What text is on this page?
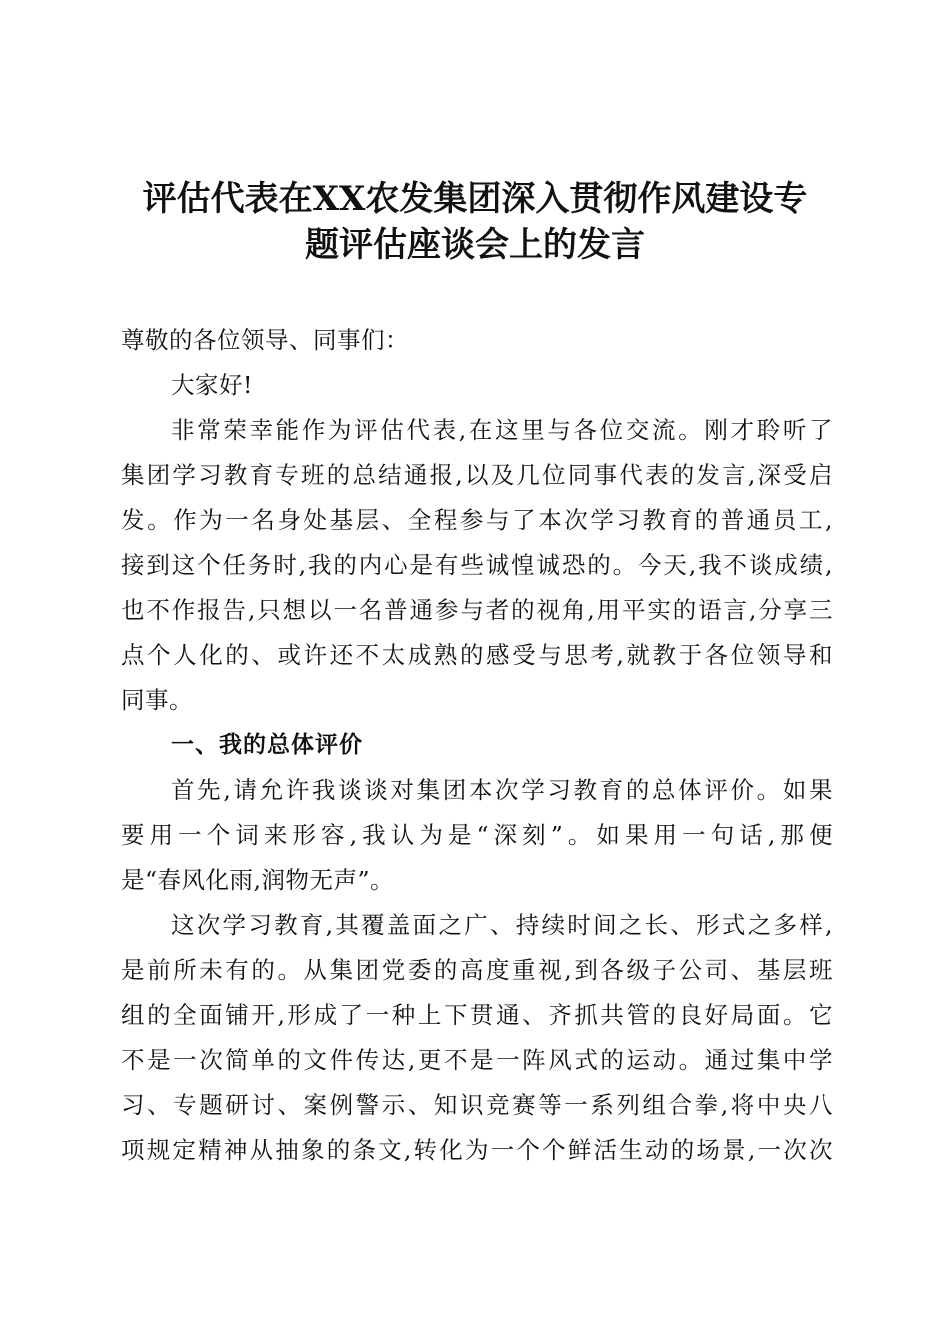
评估代表在XX农发集团深入贯彻作风建设专
题评估座谈会上的发言

尊敬的各位领导、同事们：

大家好!

非常荣幸能作为评估代表,在这里与各位交流。刚才聆听了
集团学习教育专班的总结通报,以及几位同事代表的发言,深受启
发。作为一名身处基层、全程参与了本次学习教育的普通员工,
接到这个任务时,我的内心是有些诚惶诚恐的。今天,我不谈成绩,
也不作报告,只想以一名普通参与者的视角,用平实的语言,分享三
点个人化的、或许还不太成熟的感受与思考,就教于各位领导和
同事。

一、我的总体评价

首先,请允许我谈谈对集团本次学习教育的总体评价。如果
要用一个词来形容,我认为是“深刻”。如果用一句话,那便
是“春风化雨,润物无声”。

这次学习教育,其覆盖面之广、持续时间之长、形式之多样,
是前所未有的。从集团党委的高度重视,到各级子公司、基层班
组的全面铺开,形成了一种上下贯通、齐抓共管的良好局面。它
不是一次简单的文件传达,更不是一阵风式的运动。通过集中学
习、专题研讨、案例警示、知识竞赛等一系列组合拳,将中央八
项规定精神从抽象的条文,转化为一个个鲜活生动的场景,一次次
